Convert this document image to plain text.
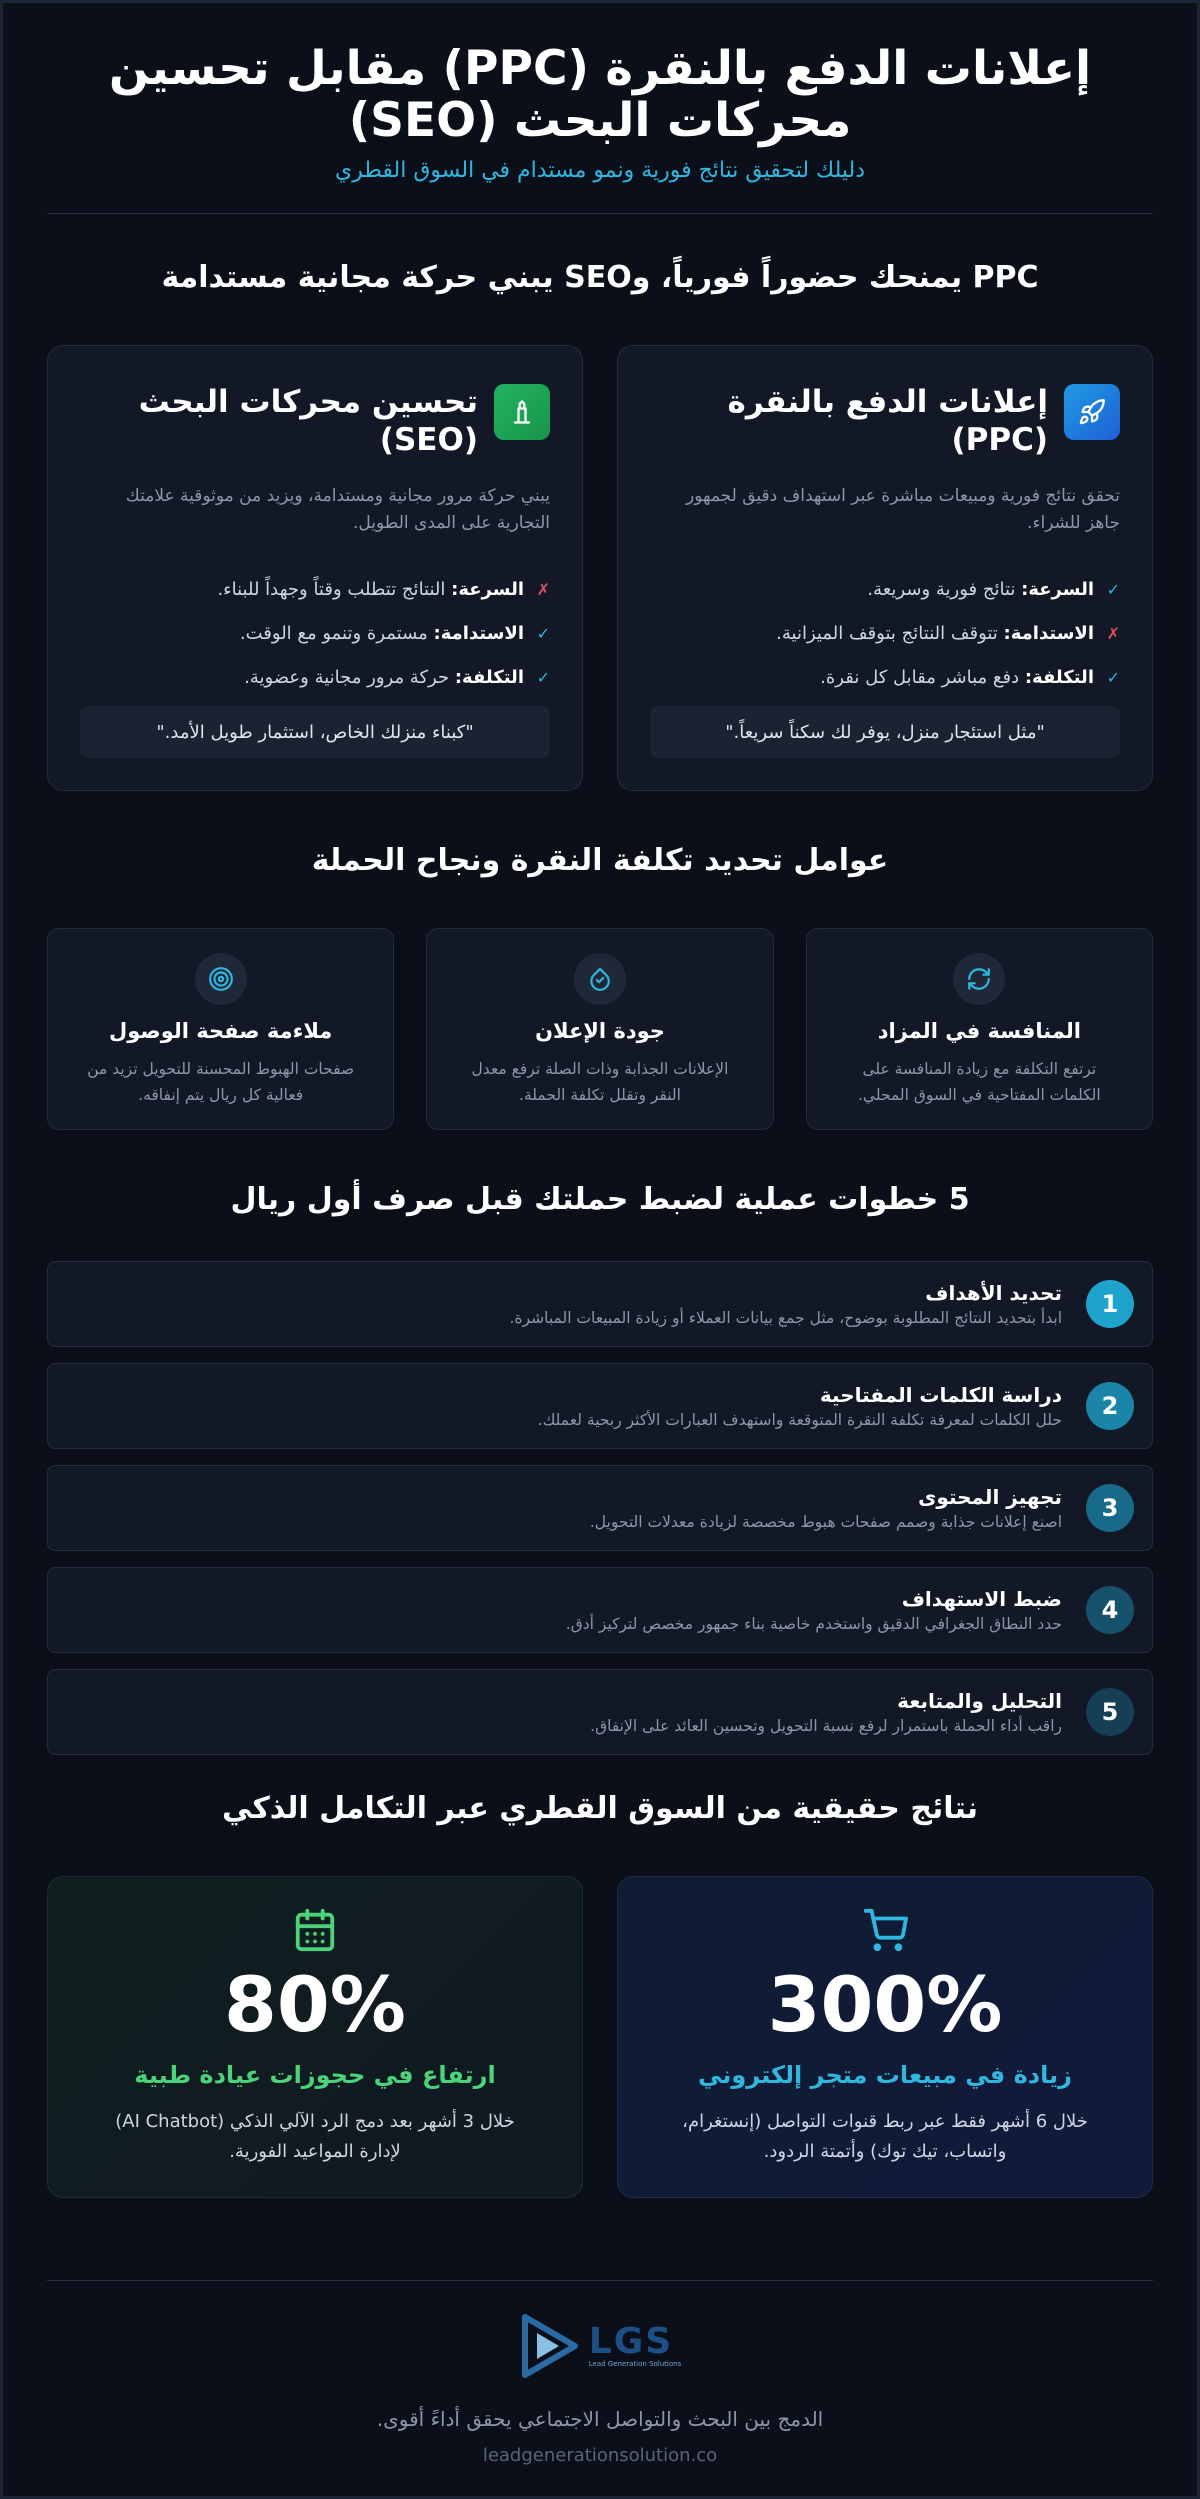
إعلانات الدفع بالنقرة (PPC) مقابل تحسين محركات البحث (SEO)
دليلك لتحقيق نتائج فورية ونمو مستدام في السوق القطري
PPC يمنحك حضوراً فورياً، وSEO يبني حركة مجانية مستدامة
إعلانات الدفع بالنقرة (PPC)
تحقق نتائج فورية ومبيعات مباشرة عبر استهداف دقيق لجمهور جاهز للشراء.
✓
السرعة: نتائج فورية وسريعة.
✗
الاستدامة: تتوقف النتائج بتوقف الميزانية.
✓
التكلفة: دفع مباشر مقابل كل نقرة.
"مثل استئجار منزل، يوفر لك سكناً سريعاً."
تحسين محركات البحث (SEO)
يبني حركة مرور مجانية ومستدامة، ويزيد من موثوقية علامتك التجارية على المدى الطويل.
✗
السرعة: النتائج تتطلب وقتاً وجهداً للبناء.
✓
الاستدامة: مستمرة وتنمو مع الوقت.
✓
التكلفة: حركة مرور مجانية وعضوية.
"كبناء منزلك الخاص، استثمار طويل الأمد."
عوامل تحديد تكلفة النقرة ونجاح الحملة
المنافسة في المزاد
ترتفع التكلفة مع زيادة المنافسة على الكلمات المفتاحية في السوق المحلي.
جودة الإعلان
الإعلانات الجذابة وذات الصلة ترفع معدل النقر وتقلل تكلفة الحملة.
ملاءمة صفحة الوصول
صفحات الهبوط المحسنة للتحويل تزيد من فعالية كل ريال يتم إنفاقه.
5 خطوات عملية لضبط حملتك قبل صرف أول ريال
1
تحديد الأهداف
ابدأ بتحديد النتائج المطلوبة بوضوح، مثل جمع بيانات العملاء أو زيادة المبيعات المباشرة.
2
دراسة الكلمات المفتاحية
حلل الكلمات لمعرفة تكلفة النقرة المتوقعة واستهدف العبارات الأكثر ربحية لعملك.
3
تجهيز المحتوى
اصنع إعلانات جذابة وصمم صفحات هبوط مخصصة لزيادة معدلات التحويل.
4
ضبط الاستهداف
حدد النطاق الجغرافي الدقيق واستخدم خاصية بناء جمهور مخصص لتركيز أدق.
5
التحليل والمتابعة
راقب أداء الحملة باستمرار لرفع نسبة التحويل وتحسين العائد على الإنفاق.
نتائج حقيقية من السوق القطري عبر التكامل الذكي
300%
زيادة في مبيعات متجر إلكتروني
خلال 6 أشهر فقط عبر ربط قنوات التواصل (إنستغرام، واتساب، تيك توك) وأتمتة الردود.
80%
ارتفاع في حجوزات عيادة طبية
خلال 3 أشهر بعد دمج الرد الآلي الذكي (AI Chatbot) لإدارة المواعيد الفورية.
LGS
Lead Generation Solutions
الدمج بين البحث والتواصل الاجتماعي يحقق أداءً أقوى.
leadgenerationsolution.co
